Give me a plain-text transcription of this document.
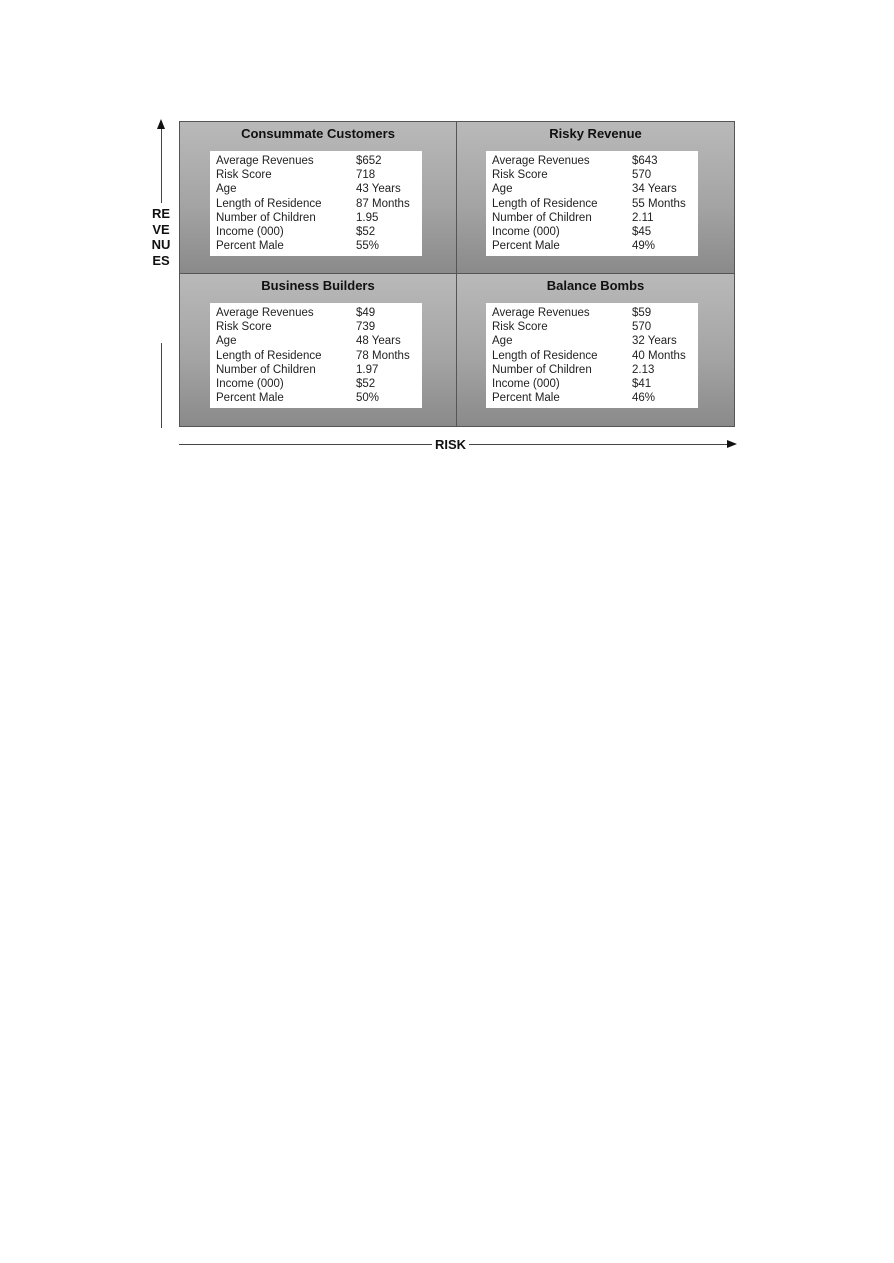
REVENUES
Consummate Customers
Average Revenues	$652
Risk Score	718
Age	43 Years
Length of Residence	87 Months
Number of Children	1.95
Income (000)	$52
Percent Male	55%
Risky Revenue
Average Revenues	$643
Risk Score	570
Age	34 Years
Length of Residence	55 Months
Number of Children	2.11
Income (000)	$45
Percent Male	49%
Business Builders
Average Revenues	$49
Risk Score	739
Age	48 Years
Length of Residence	78 Months
Number of Children	1.97
Income (000)	$52
Percent Male	50%
Balance Bombs
Average Revenues	$59
Risk Score	570
Age	32 Years
Length of Residence	40 Months
Number of Children	2.13
Income (000)	$41
Percent Male	46%
RISK
